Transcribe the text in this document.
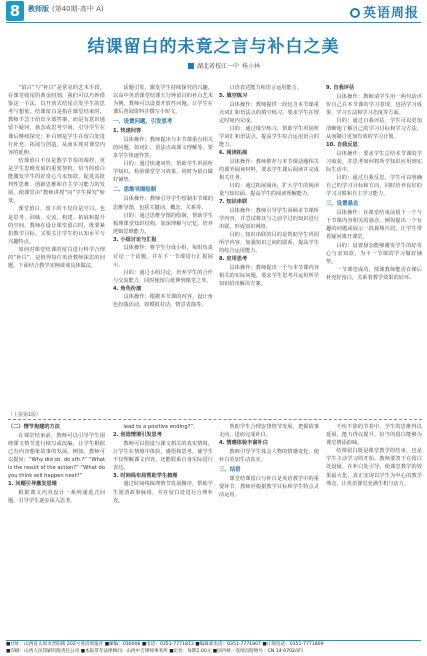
8	教师版 (第40期·高中 A)	英语周报
结课留白的未竟之言与补白之美
湖北省枝江一中 杨小林

“留白”与“补白”是常见的艺术手段。在课堂收尾的黄金时刻，我们可以巧妙借鉴这一手法，以开放式结尾引发学生的思考与想象。结课留白是指在课堂结束时，教师不急于给出全部答案，而是有意识地留下疑问、悬念或思考空间，引导学生在课后继续探究；补白则是学生在留白处进行补充、拓展与创造，从而实现对课堂内容的延伸。

结课留白不仅是教学节奏的调控，更是学生思维发展的重要契机。恰当的留白能激发学生的好奇心与求知欲，促进其批判性思维、创新思维和自主学习能力的发展，使课堂由“教师讲授”向“学生探究”转变。

课堂留白，留下的不仅仅是空白，也是思考、回味、交流、构建、拓展和提升的空间。教师在设计课堂留白时，既要紧扣教学目标，又要关注学生的认知水平与兴趣特点。

如何对课堂结课的留白进行科学合理的“补白”，是值得每位英语教师深思的问题。下面结合教学实例谈谈具体做法。

话题引发，激发学生持续探究的兴趣。以高中英语课堂结课五分钟留白的补白艺术为例，教师可以设置开放性问题，让学生在课后查阅资料并撰写小短文。

一、设置问题，引发思考
1. 快速问答

具体操作：教师提出与本节课重点相关的问题，如词汇、语法点或课文理解等，要求学生快速作答。

目的：通过快速问答，帮助学生巩固所学知识，检验课堂学习效果，同时为留白做好铺垫。

二、思维导图绘制

具体操作：教师引导学生绘制本节课的思维导图，包括关键词、概念、关系等。

目的：通过思维导图的绘制，帮助学生梳理课堂知识结构，加深理解与记忆，培养逻辑思维能力。

3. 小组讨论与汇报

具体操作：将学生分成小组，每组负责讨论一个话题，并在下一节课进行汇报展示。

目的：通过小组讨论，培养学生的合作与交流能力，同时使留白延伸到课堂之外。

4. 角色扮演

具体操作：根据本节课的内容，设计角色扮演活动，如模拟对话、情景表演等。

口语表达能力和语言运用能力。

5. 填空练习

具体操作：教师提供一段包含本节课重点词汇和语法点的填空练习，要求学生在规定时间内完成。

目的：通过填空练习，帮助学生巩固所学词汇和语法点，提高学生综合运用语言的能力。

6. 阅读拓展

具体操作：教师推荐与本节课话题相关的课外阅读材料，要求学生课后阅读并完成相关任务。

目的：通过拓展阅读，扩大学生的阅读量与知识面，提高学生的阅读理解能力。

7. 知识串联

具体操作：教师引导学生回顾本节课所学内容，并尝试将其与之前学过的知识进行串联，形成知识网络。

目的：知识串联的目的是帮助学生巩固所学内容，加强知识之间的联系，提高学生的综合运用能力。

8. 应用思考

具体操作：教师提出一个与本节课内容相关的实际问题，要求学生思考并运用所学知识给出解决方案。

9. 自我评估

具体操作：教师请学生用一两句话评价自己在本节课的学习表现，包括学习成果、学习方法和学习态度等方面。

目的：通过自我评估，学生可以更加清晰地了解自己的学习目标和学习方法，从而制订更加有效的学习计划。

10. 自我反思

具体操作：要求学生总结本节课的学习收获，并思考如何将所学知识应用到实际生活中。

目的：通过自我反思，学生可以明确自己的学习目标和方向，同时培养良好的学习习惯和自主学习能力。

三、设置悬念

具体操作：在课堂结束前留下一个与下节课内容相关的悬念，例如提出一个有趣的问题或展示一段视频片段，让学生带着疑问离开课堂。

目的：设置悬念能够激发学生的好奇心与求知欲，为下一节课的学习做好铺垫。

一节课堂成功，授课教师能否在课后补充好留白，关系着教学效果的好坏。

（上接第1版）
（二）情节构建的方法

在课堂结束前，教师可以引导学生围绕课文情节进行续写或改编，让学生根据已有内容想象故事的发展。例如，教师可以提问：“Why did sb. do sth.?” “What is the result of the action?” “What do you think will happen next?”

1. 问题引导激发思维

根据课文内容设计一系列递进式问题，引导学生逐步深入思考。

lead to a positive ending?”。

2. 创造情境引发思考

教师可以创设与课文相关的真实情境，让学生在情境中体验、感悟和思考，使学生不仅理解课文内容，还能联系自身实际进行表达。

3. 时间线布局帮助学生梳理

通过时间线梳理情节发展顺序，帮助学生厘清故事脉络，并在留白处进行合理补充。

帮助学生合理安排情节发展，把握故事走向，进而完成补白。

4. 情感体验丰富补白

教师引导学生体会人物的情感变化，使补白更加生动真实。

三、结语

课堂结课留白与补白是英语教学中的重要环节，教师应根据教学目标和学生特点灵活运用。

不疾不徐的节奏中，学生的思维得以延展，能力得以提升。恰当的留白能够为课堂增添韵味。

结课留白既是课堂教学的结束，也是学生主动学习的开始。教师要善于在留白处设疑，在补白处引导，使课堂教学的效果最大化，真正实现以学生为中心的教学理念，让英语课堂充满生机与活力。

■社址：山西省太原市晋阳街 202号英语周报社 ■邮编：030006 ■电话：0351-7771813 ■编辑部电话：0351-7771807 ■订阅电话：0351-7771809
■印刷：山西人民印刷有限责任公司 ■本报常年法律顾问：山西中吉律师事务所 ■定价：每期1.00元 ■国内统一连续出版物号：CN 14-0702/(F)
